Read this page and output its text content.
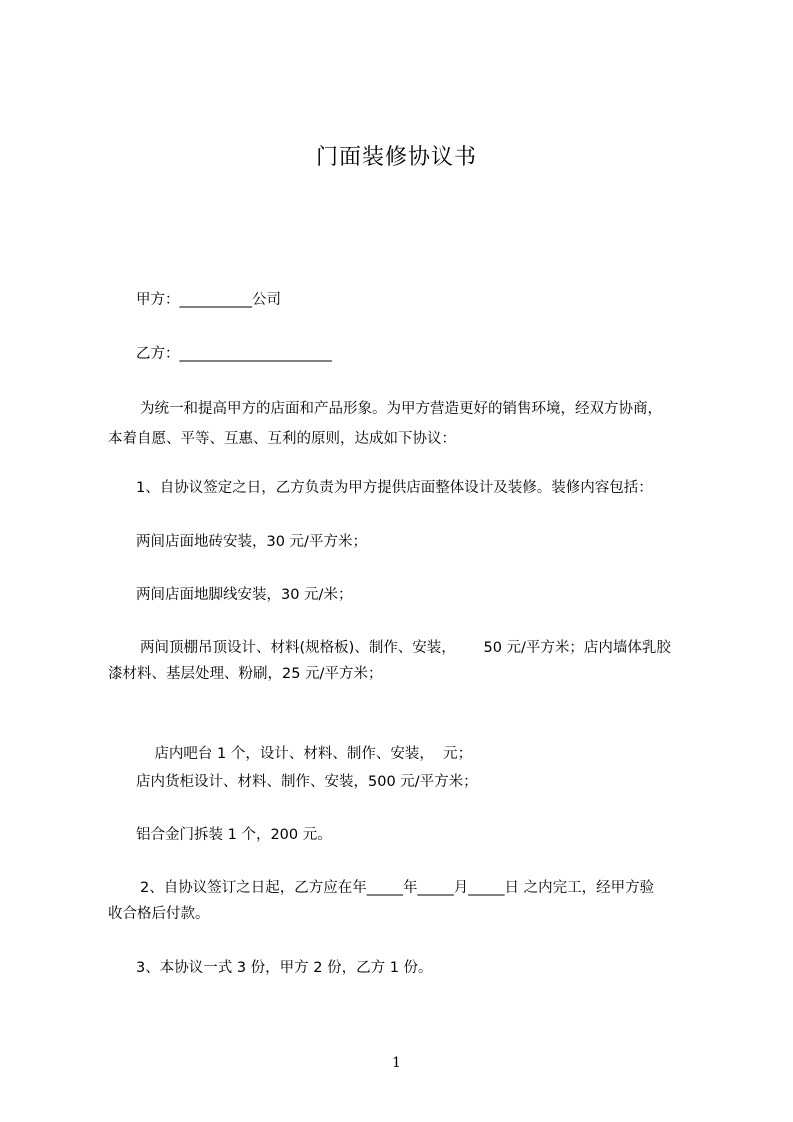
门面装修协议书
甲方：__________公司
乙方：_____________________
为统一和提高甲方的店面和产品形象。为甲方营造更好的销售环境，经双方协商，
本着自愿、平等、互惠、互利的原则，达成如下协议：
1、自协议签定之日，乙方负责为甲方提供店面整体设计及装修。装修内容包括：
两间店面地砖安装，30 元/平方米；
两间店面地脚线安装，30 元/米；
两间顶棚吊顶设计、材料(规格板)、制作、安装，      50 元/平方米；店内墙体乳胶
漆材料、基层处理、粉刷，25 元/平方米；

店内吧台 1 个，设计、材料、制作、安装，  元；

店内货柜设计、材料、制作、安装，500 元/平方米；
铝合金门拆装 1 个，200 元。
2、自协议签订之日起，乙方应在年_____年_____月_____日 之内完工，经甲方验
收合格后付款。
3、本协议一式 3 份，甲方 2 份，乙方 1 份。
1
